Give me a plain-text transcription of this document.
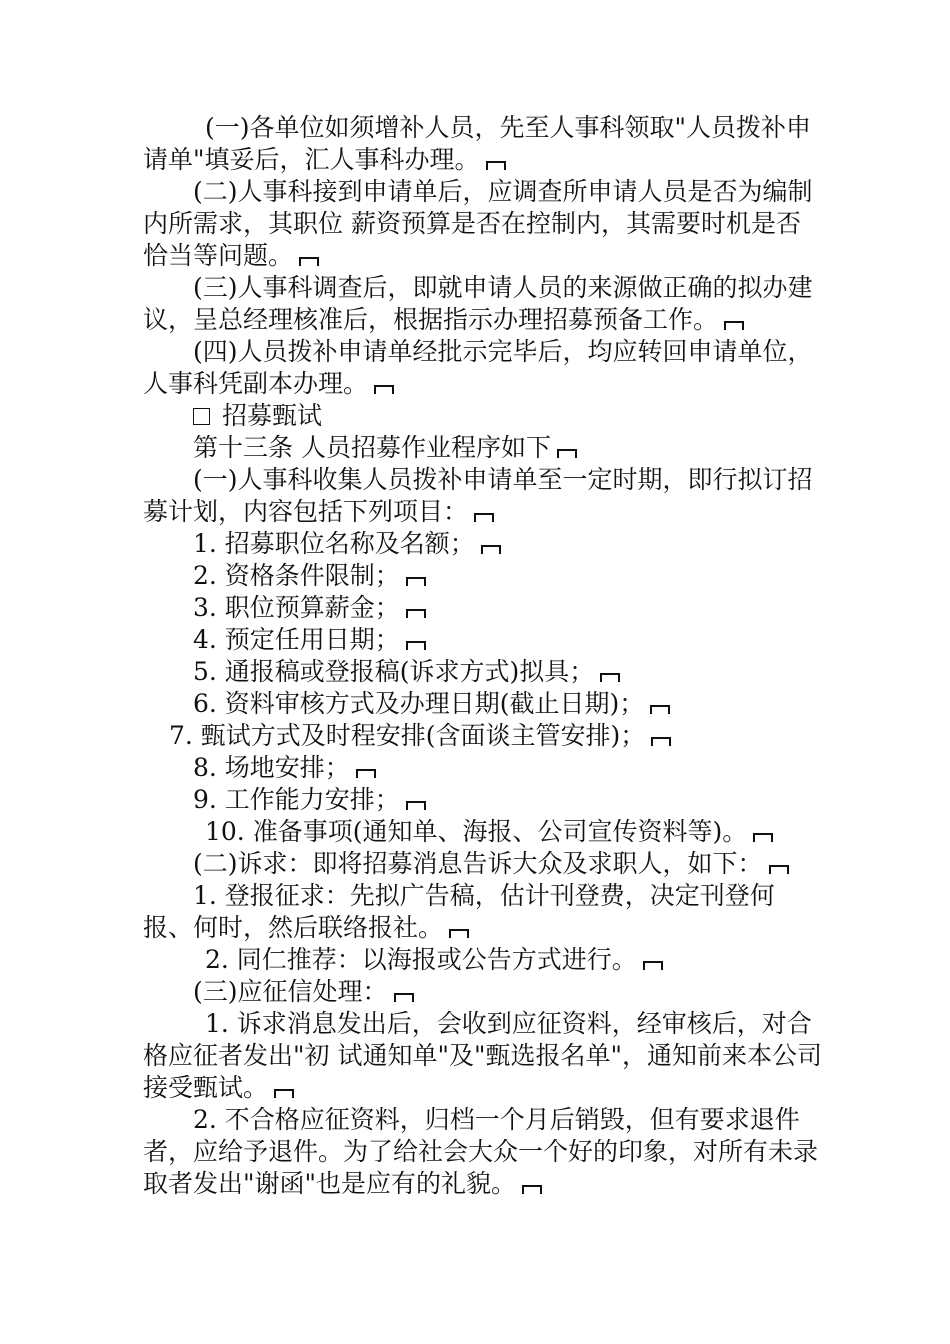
(一)各单位如须增补人员，先至人事科领取"人员拨补申请单"填妥后，汇人事科办理。

(二)人事科接到申请单后，应调查所申请人员是否为编制内所需求，其职位 薪资预算是否在控制内，其需要时机是否恰当等问题。

(三)人事科调查后，即就申请人员的来源做正确的拟办建议，呈总经理核准后，根据指示办理招募预备工作。

(四)人员拨补申请单经批示完毕后，均应转回申请单位，人事科凭副本办理。

招募甄试

第十三条 人员招募作业程序如下

(一)人事科收集人员拨补申请单至一定时期，即行拟订招募计划，内容包括下列项目：

1. 招募职位名称及名额；

2. 资格条件限制；

3. 职位预算薪金；

4. 预定任用日期；

5. 通报稿或登报稿(诉求方式)拟具；

6. 资料审核方式及办理日期(截止日期)；

7. 甄试方式及时程安排(含面谈主管安排)；

8. 场地安排；

9. 工作能力安排；

10. 准备事项(通知单、海报、公司宣传资料等)。

(二)诉求：即将招募消息告诉大众及求职人，如下：

1. 登报征求：先拟广告稿，估计刊登费，决定刊登何报、何时，然后联络报社。

2. 同仁推荐：以海报或公告方式进行。

(三)应征信处理：

1. 诉求消息发出后，会收到应征资料，经审核后，对合格应征者发出"初 试通知单"及"甄选报名单"，通知前来本公司接受甄试。

2. 不合格应征资料，归档一个月后销毁，但有要求退件者，应给予退件。为了给社会大众一个好的印象，对所有未录取者发出"谢函"也是应有的礼貌。
